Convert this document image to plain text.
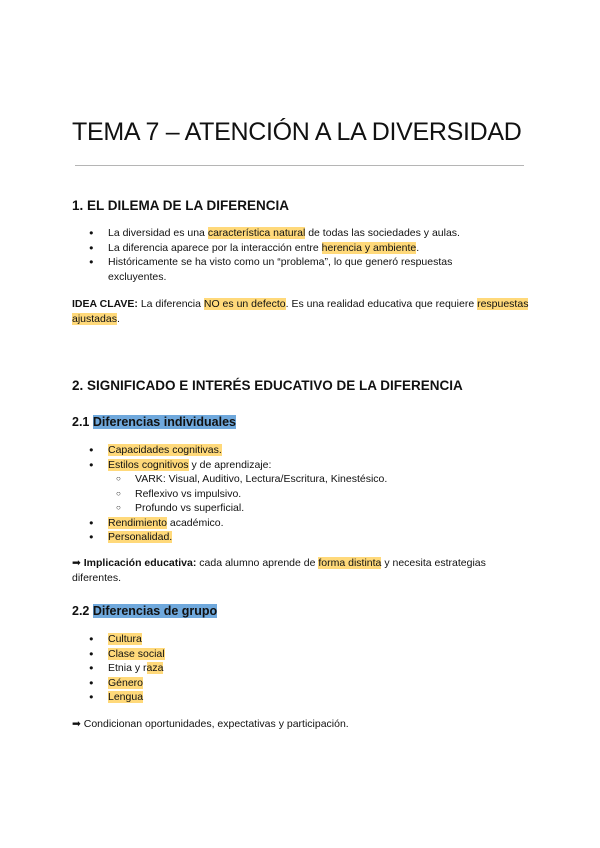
TEMA 7 – ATENCIÓN A LA DIVERSIDAD
1. EL DILEMA DE LA DIFERENCIA
● La diversidad es una característica natural de todas las sociedades y aulas.
● La diferencia aparece por la interacción entre herencia y ambiente.
● Históricamente se ha visto como un “problema”, lo que generó respuestas excluyentes.

IDEA CLAVE: La diferencia NO es un defecto. Es una realidad educativa que requiere respuestas ajustadas.

2. SIGNIFICADO E INTERÉS EDUCATIVO DE LA DIFERENCIA
2.1 Diferencias individuales
● Capacidades cognitivas.
● Estilos cognitivos y de aprendizaje:
○ VARK: Visual, Auditivo, Lectura/Escritura, Kinestésico.
○ Reflexivo vs impulsivo.
○ Profundo vs superficial.
● Rendimiento académico.
● Personalidad.

➡ Implicación educativa: cada alumno aprende de forma distinta y necesita estrategias diferentes.

2.2 Diferencias de grupo
● Cultura
● Clase social
● Etnia y raza
● Género
● Lengua

➡ Condicionan oportunidades, expectativas y participación.
